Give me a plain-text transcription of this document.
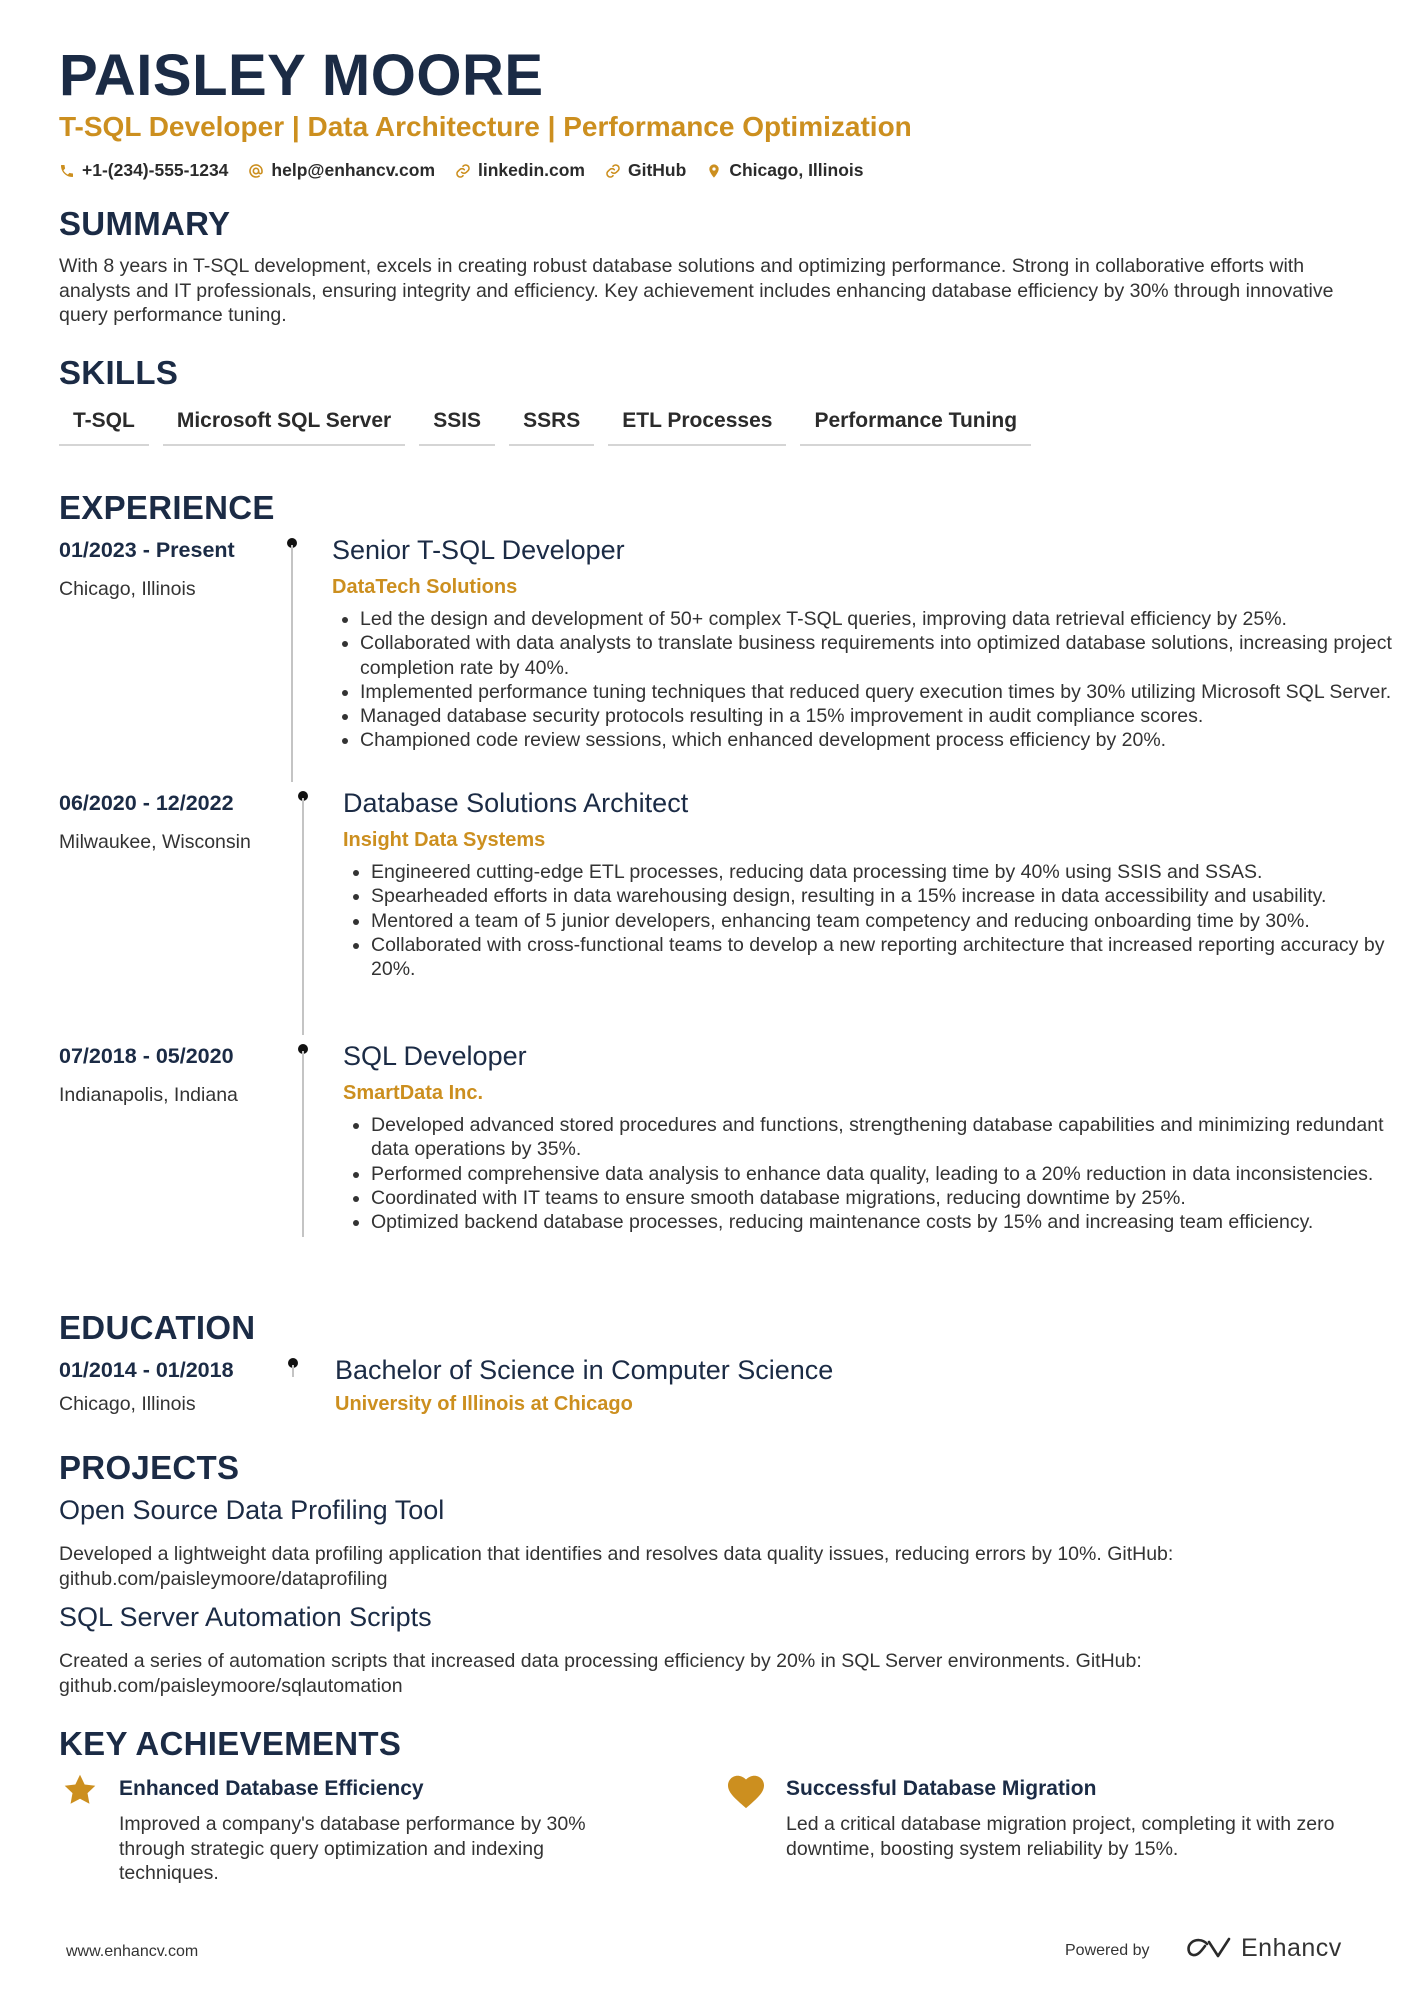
PAISLEY MOORE
T-SQL Developer | Data Architecture | Performance Optimization
+1-(234)-555-1234 help@enhancv.com linkedin.com GitHub Chicago, Illinois
SUMMARY
With 8 years in T-SQL development, excels in creating robust database solutions and optimizing performance. Strong in collaborative efforts with analysts and IT professionals, ensuring integrity and efficiency. Key achievement includes enhancing database efficiency by 30% through innovative query performance tuning.
SKILLS
T-SQL	Microsoft SQL Server	SSIS	SSRS	ETL Processes	Performance Tuning
EXPERIENCE
01/2023 - Present
Chicago, Illinois
Senior T-SQL Developer
DataTech Solutions
• Led the design and development of 50+ complex T-SQL queries, improving data retrieval efficiency by 25%.
• Collaborated with data analysts to translate business requirements into optimized database solutions, increasing project completion rate by 40%.
• Implemented performance tuning techniques that reduced query execution times by 30% utilizing Microsoft SQL Server.
• Managed database security protocols resulting in a 15% improvement in audit compliance scores.
• Championed code review sessions, which enhanced development process efficiency by 20%.
06/2020 - 12/2022
Milwaukee, Wisconsin
Database Solutions Architect
Insight Data Systems
• Engineered cutting-edge ETL processes, reducing data processing time by 40% using SSIS and SSAS.
• Spearheaded efforts in data warehousing design, resulting in a 15% increase in data accessibility and usability.
• Mentored a team of 5 junior developers, enhancing team competency and reducing onboarding time by 30%.
• Collaborated with cross-functional teams to develop a new reporting architecture that increased reporting accuracy by 20%.
07/2018 - 05/2020
Indianapolis, Indiana
SQL Developer
SmartData Inc.
• Developed advanced stored procedures and functions, strengthening database capabilities and minimizing redundant data operations by 35%.
• Performed comprehensive data analysis to enhance data quality, leading to a 20% reduction in data inconsistencies.
• Coordinated with IT teams to ensure smooth database migrations, reducing downtime by 25%.
• Optimized backend database processes, reducing maintenance costs by 15% and increasing team efficiency.
EDUCATION
01/2014 - 01/2018
Chicago, Illinois
Bachelor of Science in Computer Science
University of Illinois at Chicago
PROJECTS
Open Source Data Profiling Tool
Developed a lightweight data profiling application that identifies and resolves data quality issues, reducing errors by 10%. GitHub: github.com/paisleymoore/dataprofiling
SQL Server Automation Scripts
Created a series of automation scripts that increased data processing efficiency by 20% in SQL Server environments. GitHub: github.com/paisleymoore/sqlautomation
KEY ACHIEVEMENTS
Enhanced Database Efficiency
Improved a company's database performance by 30% through strategic query optimization and indexing techniques.
Successful Database Migration
Led a critical database migration project, completing it with zero downtime, boosting system reliability by 15%.
www.enhancv.com	Powered by	Enhancv
